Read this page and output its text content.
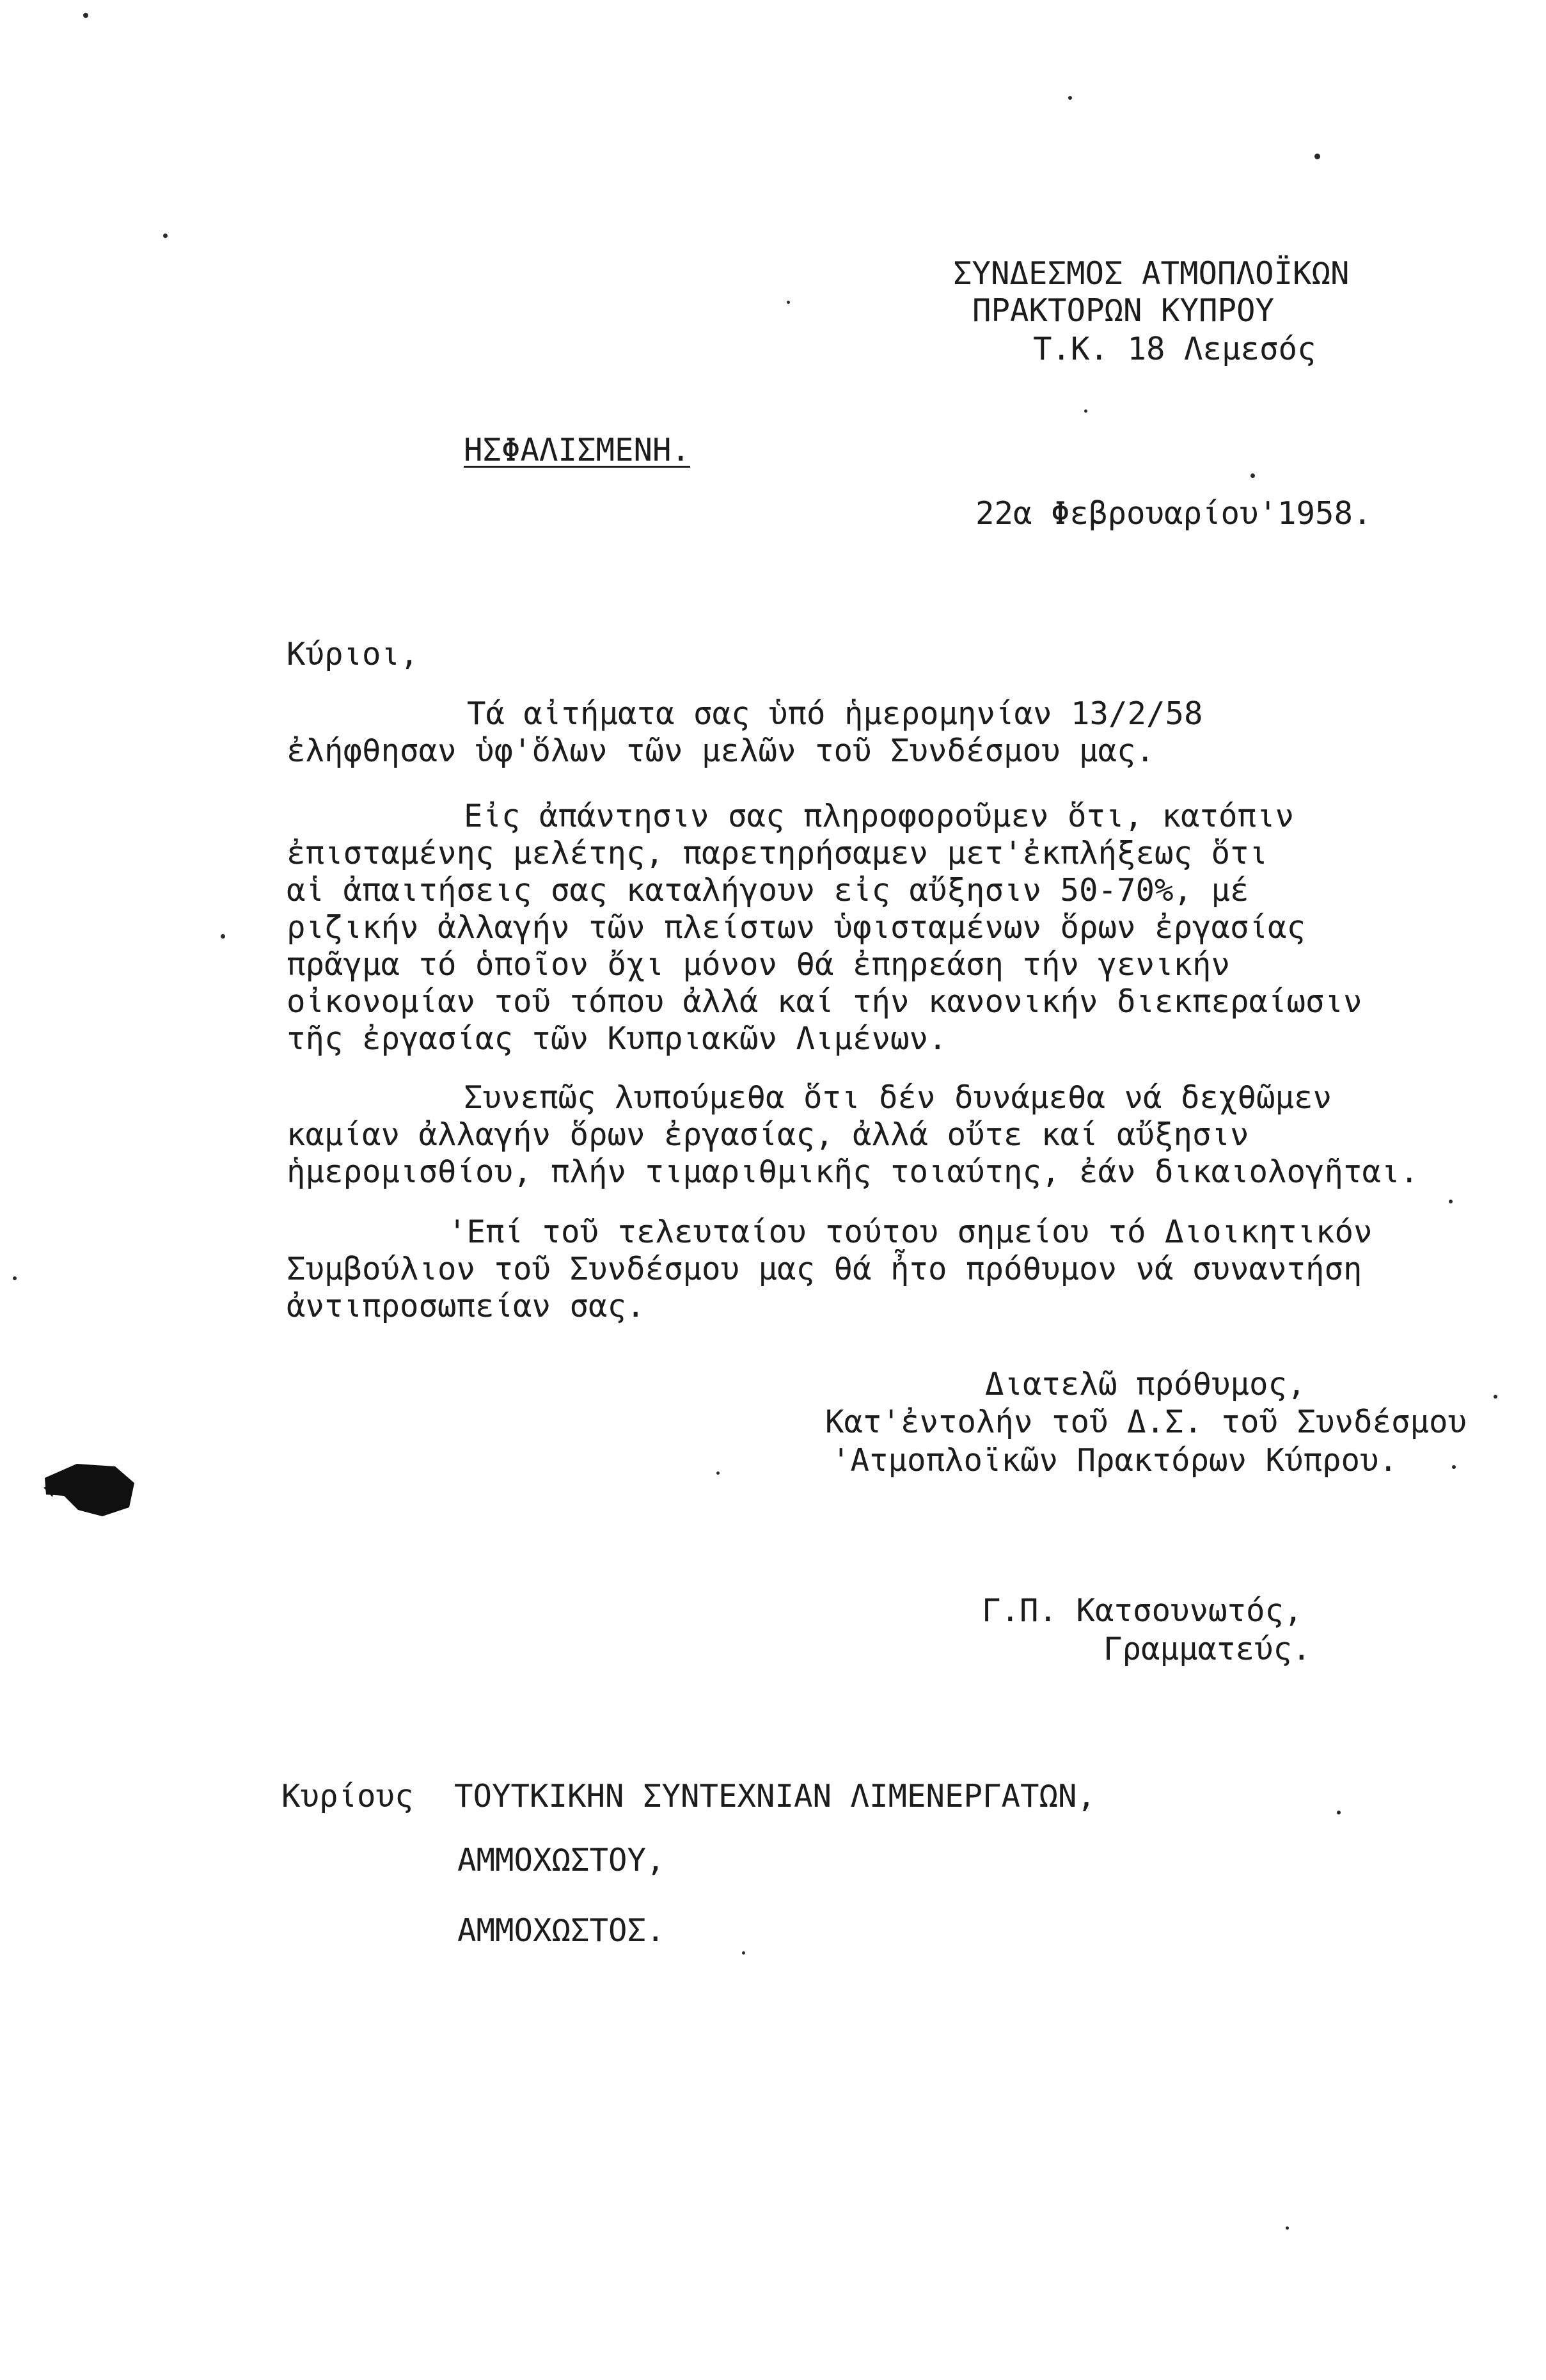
ΣΥΝΔΕΣΜΟΣ ΑΤΜΟΠΛΟΪΚΩΝ
ΠΡΑΚΤΟΡΩΝ ΚΥΠΡΟΥ
Τ.Κ. 18 Λεμεσός
ΗΣΦΑΛΙΣΜΕΝΗ.
22α Φεβρουαρίου'1958.
Κύριοι,
Τά αἰτήματα σας ὑπό ἡμερομηνίαν 13/2/58
ἐλήφθησαν ὑφ'ὅλων τῶν μελῶν τοῦ Συνδέσμου μας.
Εἰς ἀπάντησιν σας πληροφοροῦμεν ὅτι, κατόπιν
ἐπισταμένης μελέτης, παρετηρήσαμεν μετ'ἐκπλήξεως ὅτι
αἱ ἀπαιτήσεις σας καταλήγουν εἰς αὔξησιν 50-70%, μέ
ριζικήν ἀλλαγήν τῶν πλείστων ὑφισταμένων ὅρων ἐργασίας
πρᾶγμα τό ὁποῖον ὄχι μόνον θά ἐπηρεάση τήν γενικήν
οἰκονομίαν τοῦ τόπου ἀλλά καί τήν κανονικήν διεκπεραίωσιν
τῆς ἐργασίας τῶν Κυπριακῶν Λιμένων.
Συνεπῶς λυπούμεθα ὅτι δέν δυνάμεθα νά δεχθῶμεν
καμίαν ἀλλαγήν ὅρων ἐργασίας, ἀλλά οὔτε καί αὔξησιν
ἡμερομισθίου, πλήν τιμαριθμικῆς τοιαύτης, ἐάν δικαιολογῆται.
'Επί τοῦ τελευταίου τούτου σημείου τό Διοικητικόν
Συμβούλιον τοῦ Συνδέσμου μας θά ἦτο πρόθυμον νά συναντήση
ἀντιπροσωπείαν σας.
Διατελῶ πρόθυμος,
Κατ'ἐντολήν τοῦ Δ.Σ. τοῦ Συνδέσμου
'Ατμοπλοϊκῶν Πρακτόρων Κύπρου.
Γ.Π. Κατσουνωτός,
Γραμματεύς.
Κυρίους ΤΟΥΤΚΙΚΗΝ ΣΥΝΤΕΧΝΙΑΝ ΛΙΜΕΝΕΡΓΑΤΩΝ,
ΑΜΜΟΧΩΣΤΟΥ,
ΑΜΜΟΧΩΣΤΟΣ.
